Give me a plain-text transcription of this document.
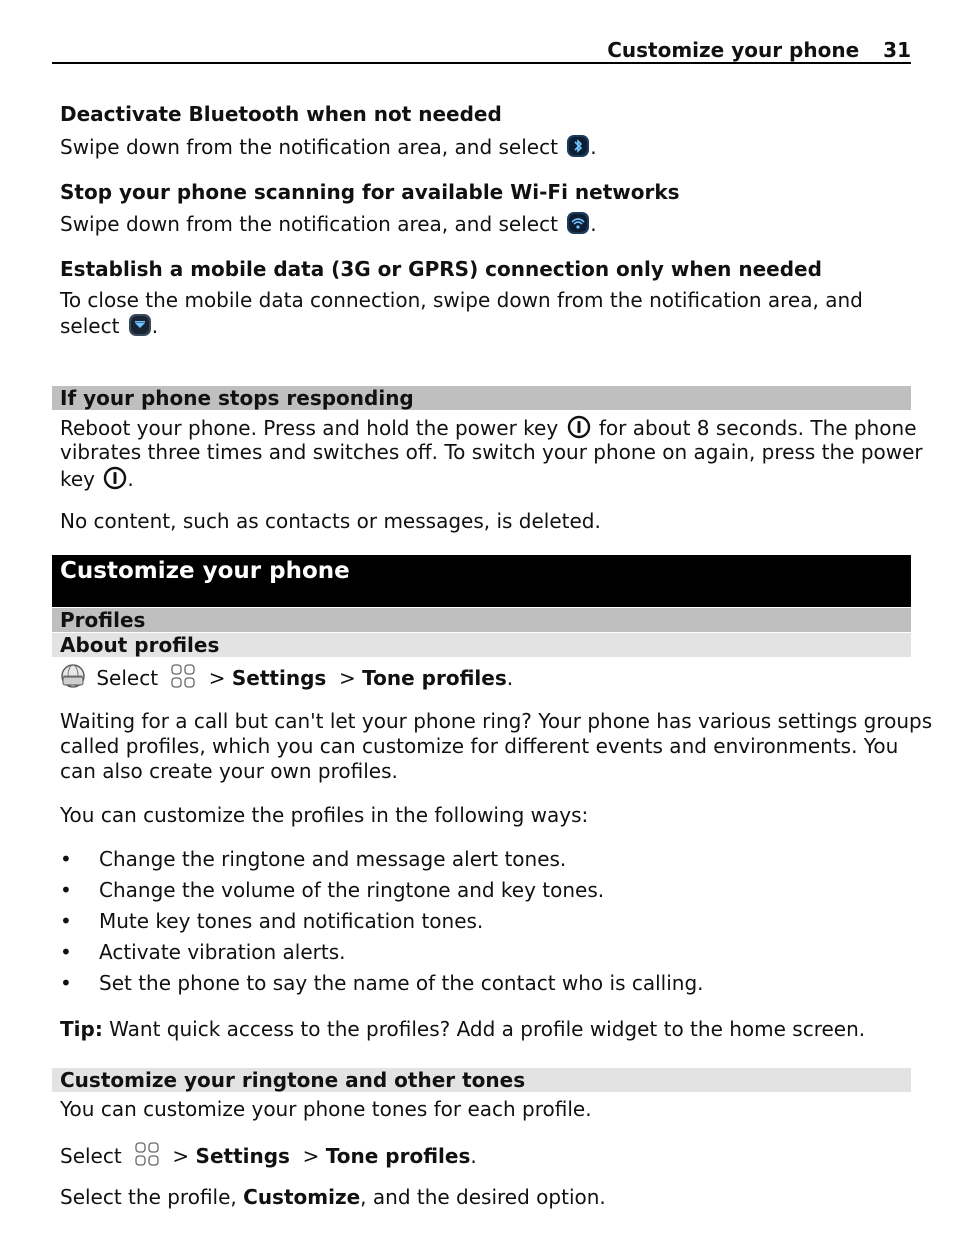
Customize your phone 31
Deactivate Bluetooth when not needed
Swipe down from the notification area, and select .
Stop your phone scanning for available Wi-Fi networks
Swipe down from the notification area, and select .
Establish a mobile data (3G or GPRS) connection only when needed
To close the mobile data connection, swipe down from the notification area, and
select .
If your phone stops responding
Reboot your phone. Press and hold the power key for about 8 seconds. The phone
vibrates three times and switches off. To switch your phone on again, press the power
key .
No content, such as contacts or messages, is deleted.
Customize your phone
Profiles
About profiles
Select  > Settings  > Tone profiles.
Waiting for a call but can't let your phone ring? Your phone has various settings groups
called profiles, which you can customize for different events and environments. You
can also create your own profiles.
You can customize the profiles in the following ways:
• Change the ringtone and message alert tones.
• Change the volume of the ringtone and key tones.
• Mute key tones and notification tones.
• Activate vibration alerts.
• Set the phone to say the name of the contact who is calling.
Tip: Want quick access to the profiles? Add a profile widget to the home screen.
Customize your ringtone and other tones
You can customize your phone tones for each profile.
Select  > Settings  > Tone profiles.
Select the profile, Customize, and the desired option.
